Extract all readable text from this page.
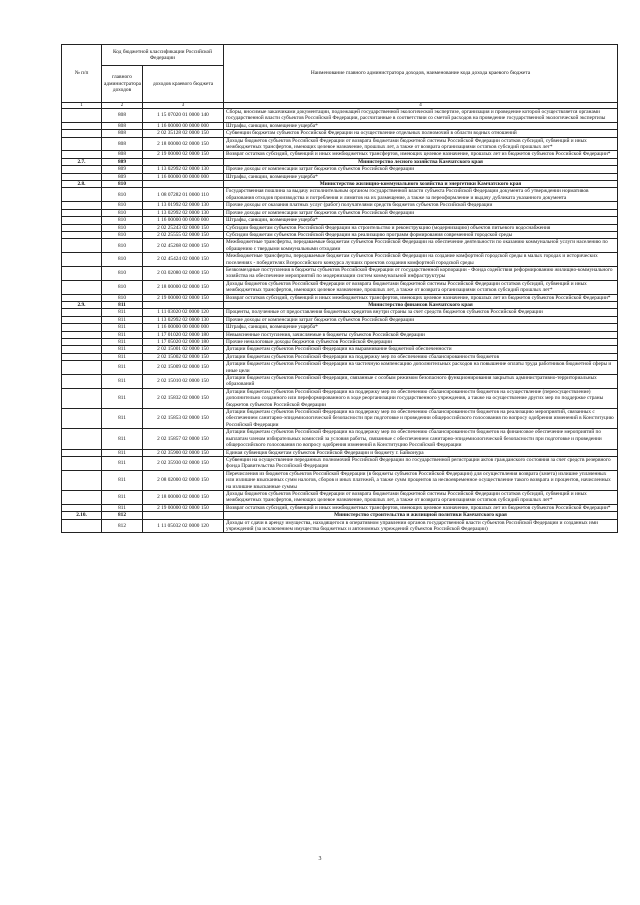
№ п/п	Код бюджетной классификации Российской Федерации		Наименование главного администратора доходов, наименование кода дохода краевого бюджета
	главного администратора доходов	доходов краевого бюджета	
1	2	3	4
	808	1 15 07020 01 0000 140	Сборы, вносимые заказчиками документации, подлежащей государственной экологической экспертизе, организация и проведение которой осуществляется органами государственной власти субъектов Российской Федерации, рассчитанные в соответствии со сметой расходов на проведение государственной экологической экспертизы
	808	1 16 00000 00 0000 000	Штрафы, санкции, возмещение ущерба*
	808	2 02 35128 02 0000 150	Субвенции бюджетам субъектов Российской Федерации на осуществление отдельных полномочий в области водных отношений
	808	2 18 00000 02 0000 150	Доходы бюджетов субъектов Российской Федерации от возврата бюджетами бюджетной системы Российской Федерации остатков субсидий, субвенций и иных межбюджетных трансфертов, имеющих целевое назначение, прошлых лет, а также от возврата организациями остатков субсидий прошлых лет*
	808	2 19 00000 02 0000 150	Возврат остатков субсидий, субвенций и иных межбюджетных трансфертов, имеющих целевое назначение, прошлых лет из бюджетов субъектов Российской Федерации*
2.7.	809		Министерство лесного хозяйства Камчатского края
	809	1 13 02992 02 0000 130	Прочие доходы от компенсации затрат бюджетов субъектов Российской Федерации
	809	1 16 00000 00 0000 000	Штрафы, санкции, возмещение ущерба*
2.8.	810		Министерство жилищно-коммунального хозяйства и энергетики Камчатского края
	810	1 08 07282 01 0000 110	Государственная пошлина за выдачу исполнительным органом государственной власти субъекта Российской Федерации документа об утверждении нормативов образования отходов производства и потребления и лимитов на их размещение, а также за переоформление и выдачу дубликата указанного документа
	810	1 13 01992 02 0000 130	Прочие доходы от оказания платных услуг (работ) получателями средств бюджетов субъектов Российской Федерации
	810	1 13 02992 02 0000 130	Прочие доходы от компенсации затрат бюджетов субъектов Российской Федерации
	810	1 16 00000 00 0000 000	Штрафы, санкции, возмещение ущерба*
	810	2 02 25243 02 0000 150	Субсидии бюджетам субъектов Российской Федерации на строительство и реконструкцию (модернизацию) объектов питьевого водоснабжения
	810	2 02 25555 02 0000 150	Субсидии бюджетам субъектов Российской Федерации на реализацию программ формирования современной городской среды
	810	2 02 45268 02 0000 150	Межбюджетные трансферты, передаваемые бюджетам субъектов Российской Федерации на обеспечение деятельности по оказанию коммунальной услуги населению по обращению с твердыми коммунальными отходами
	810	2 02 45424 02 0000 150	Межбюджетные трансферты, передаваемые бюджетам субъектов Российской Федерации на создание комфортной городской среды в малых городах и исторических поселениях - победителях Всероссийского конкурса лучших проектов создания комфортной городской среды
	810	2 03 02080 02 0000 150	Безвозмездные поступления в бюджеты субъектов Российской Федерации от государственной корпорации - Фонда содействия реформированию жилищно-коммунального хозяйства на обеспечение мероприятий по модернизации систем коммунальной инфраструктуры
	810	2 18 00000 02 0000 150	Доходы бюджетов субъектов Российской Федерации от возврата бюджетами бюджетной системы Российской Федерации остатков субсидий, субвенций и иных межбюджетных трансфертов, имеющих целевое назначение, прошлых лет, а также от возврата организациями остатков субсидий прошлых лет*
	810	2 19 00000 02 0000 150	Возврат остатков субсидий, субвенций и иных межбюджетных трансфертов, имеющих целевое назначение, прошлых лет из бюджетов субъектов Российской Федерации*
2.9.	811		Министерство финансов Камчатского края
	811	1 11 03020 02 0000 120	Проценты, полученные от предоставления бюджетных кредитов внутри страны за счет средств бюджетов субъектов Российской Федерации
	811	1 13 02992 02 0000 130	Прочие доходы от компенсации затрат бюджетов субъектов Российской Федерации
	811	1 16 00000 00 0000 000	Штрафы, санкции, возмещение ущерба*
	811	1 17 01020 02 0000 180	Невыясненные поступления, зачисляемые в бюджеты субъектов Российской Федерации
	811	1 17 05020 02 0000 180	Прочие неналоговые доходы бюджетов субъектов Российской Федерации
	811	2 02 15001 02 0000 150	Дотации бюджетам субъектов Российской Федерации на выравнивание бюджетной обеспеченности
	811	2 02 15002 02 0000 150	Дотации бюджетам субъектов Российской Федерации на поддержку мер по обеспечению сбалансированности бюджетов
	811	2 02 15009 02 0000 150	Дотации бюджетам субъектов Российской Федерации на частичную компенсацию дополнительных расходов на повышение оплаты труда работников бюджетной сферы и иные цели
	811	2 02 15010 02 0000 150	Дотации бюджетам субъектов Российской Федерации, связанные с особым режимом безопасного функционирования закрытых административно-территориальных образований
	811	2 02 15832 02 0000 150	Дотации бюджетам субъектов Российской Федерации на поддержку мер по обеспечению сбалансированности бюджетов на осуществление (переосуществление) дополнительно созданного или переформированного в ходе реорганизации государственного учреждения, а также на осуществление других мер по поддержке страны бюджетов субъектов Российской Федерации
	811	2 02 15853 02 0000 150	Дотации бюджетам субъектов Российской Федерации на поддержку мер по обеспечению сбалансированности бюджетов на реализацию мероприятий, связанных с обеспечением санитарно-эпидемиологической безопасности при подготовке и проведении общероссийского голосования по вопросу одобрения изменений в Конституцию Российской Федерации
	811	2 02 15857 02 0000 150	Дотации бюджетам субъектов Российской Федерации на поддержку мер по обеспечению сбалансированности бюджетов на финансовое обеспечение мероприятий по выплатам членам избирательных комиссий за условия работы, связанные с обеспечением санитарно-эпидемиологической безопасности при подготовке и проведении общероссийского голосования по вопросу одобрения изменений в Конституцию Российской Федерации
	811	2 02 35900 02 0000 150	Единая субвенция бюджетам субъектов Российской Федерации и бюджету г. Байконура
	811	2 02 35930 02 0000 150	Субвенции на осуществление переданных полномочий Российской Федерации по государственной регистрации актов гражданского состояния за счет средств резервного фонда Правительства Российской Федерации
	811	2 08 02000 02 0000 150	Перечисления из бюджетов субъектов Российской Федерации (в бюджеты субъектов Российской Федерации) для осуществления возврата (зачета) излишне уплаченных или излишне взысканных сумм налогов, сборов и иных платежей, а также сумм процентов за несвоевременное осуществление такого возврата и процентов, начисленных на излишне взысканные суммы
	811	2 18 00000 02 0000 150	Доходы бюджетов субъектов Российской Федерации от возврата бюджетами бюджетной системы Российской Федерации остатков субсидий, субвенций и иных межбюджетных трансфертов, имеющих целевое назначение, прошлых лет, а также от возврата организациями остатков субсидий прошлых лет*
	811	2 19 00000 02 0000 150	Возврат остатков субсидий, субвенций и иных межбюджетных трансфертов, имеющих целевое назначение, прошлых лет из бюджетов субъектов Российской Федерации*
2.10.	812		Министерство строительства и жилищной политики Камчатского края
	812	1 11 05032 02 0000 120	Доходы от сдачи в аренду имущества, находящегося в оперативном управлении органов государственной власти субъектов Российской Федерации и созданных ими учреждений (за исключением имущества бюджетных и автономных учреждений субъектов Российской Федерации)
3
